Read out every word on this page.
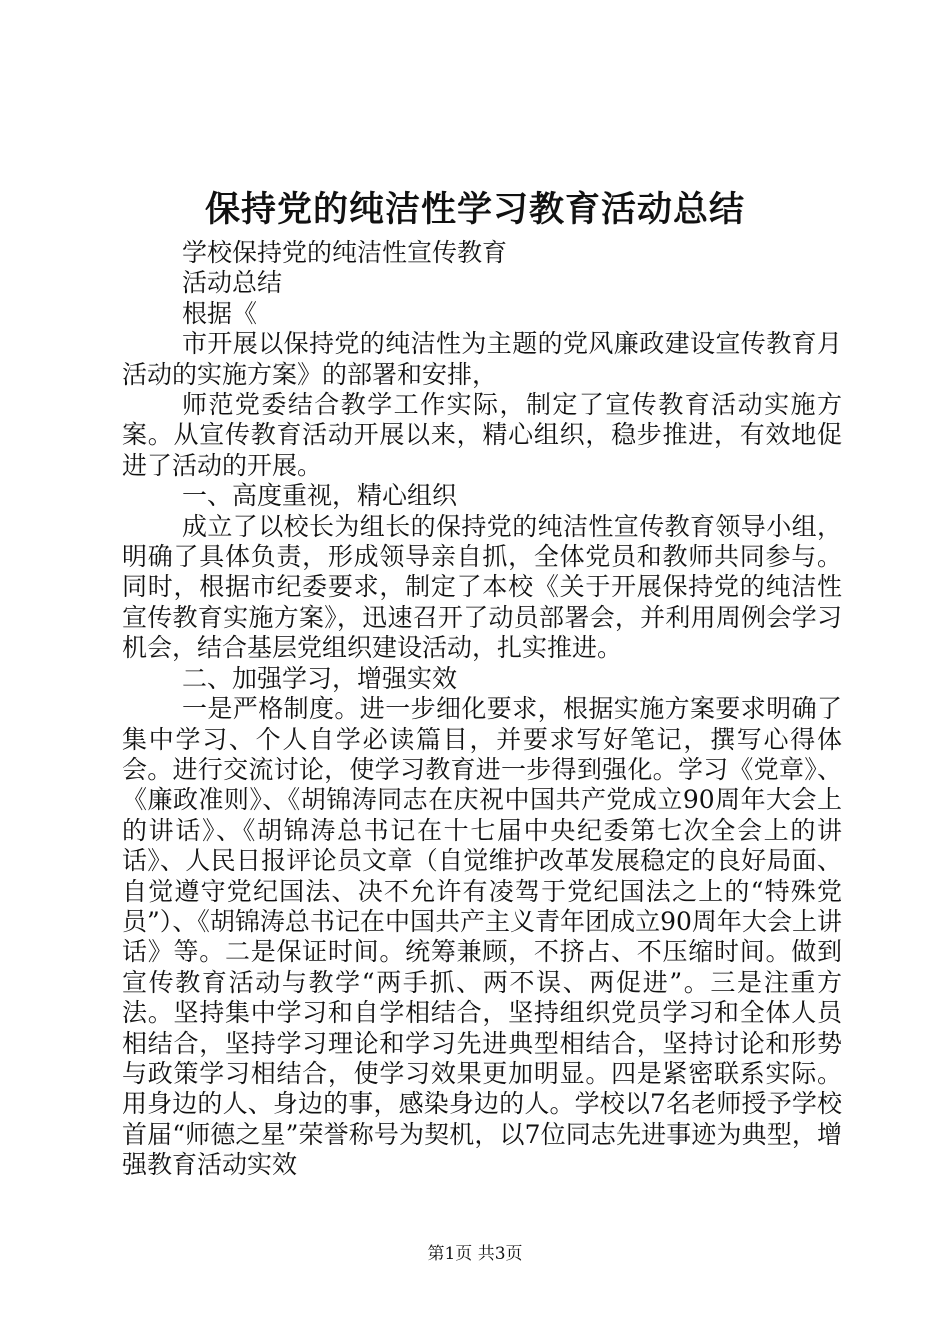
保持党的纯洁性学习教育活动总结

学校保持党的纯洁性宣传教育

活动总结

根据《

市开展以保持党的纯洁性为主题的党风廉政建设宣传教育月活动的实施方案》的部署和安排，

师范党委结合教学工作实际，制定了宣传教育活动实施方案。从宣传教育活动开展以来，精心组织，稳步推进，有效地促进了活动的开展。

一、高度重视，精心组织

成立了以校长为组长的保持党的纯洁性宣传教育领导小组，明确了具体负责，形成领导亲自抓，全体党员和教师共同参与。同时，根据市纪委要求，制定了本校《关于开展保持党的纯洁性宣传教育实施方案》，迅速召开了动员部署会，并利用周例会学习机会，结合基层党组织建设活动，扎实推进。

二、加强学习，增强实效

一是严格制度。进一步细化要求，根据实施方案要求明确了集中学习、个人自学必读篇目，并要求写好笔记，撰写心得体会。进行交流讨论，使学习教育进一步得到强化。学习《党章》、《廉政准则》、《胡锦涛同志在庆祝中国共产党成立90周年大会上的讲话》、《胡锦涛总书记在十七届中央纪委第七次全会上的讲话》、人民日报评论员文章（自觉维护改革发展稳定的良好局面、自觉遵守党纪国法、决不允许有凌驾于党纪国法之上的“特殊党员”）、《胡锦涛总书记在中国共产主义青年团成立90周年大会上讲话》等。二是保证时间。统筹兼顾，不挤占、不压缩时间。做到宣传教育活动与教学“两手抓、两不误、两促进”。三是注重方法。坚持集中学习和自学相结合，坚持组织党员学习和全体人员相结合，坚持学习理论和学习先进典型相结合，坚持讨论和形势与政策学习相结合，使学习效果更加明显。四是紧密联系实际。用身边的人、身边的事，感染身边的人。学校以7名老师授予学校首届“师德之星”荣誉称号为契机，以7位同志先进事迹为典型，增强教育活动实效

第1页 共3页
